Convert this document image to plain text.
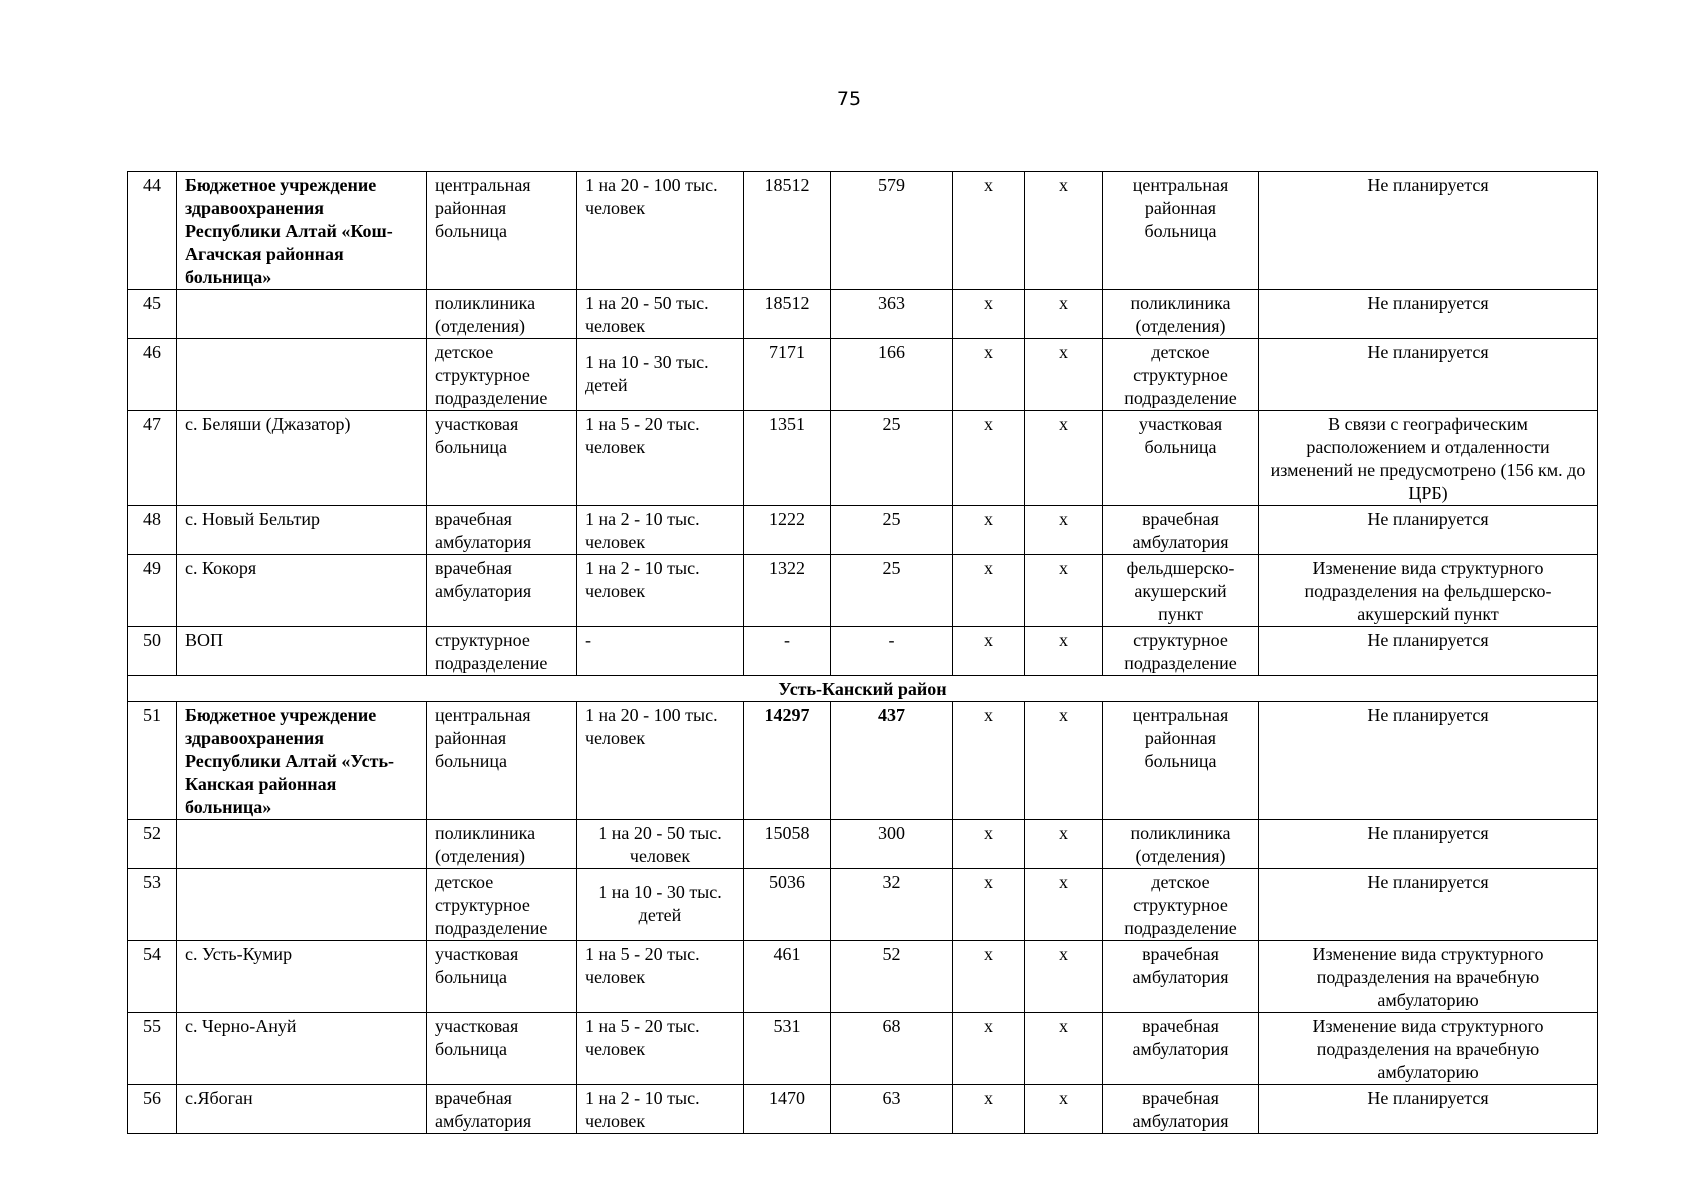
75
44	Бюджетное учреждение здравоохранения Республики Алтай «Кош-Агачская районная больница»	центральная районная больница	1 на 20 - 100 тыс. человек	18512	579	х	х	центральная районная больница	Не планируется
45		поликлиника (отделения)	1 на 20 - 50 тыс. человек	18512	363	х	х	поликлиника (отделения)	Не планируется
46		детское структурное подразделение	1 на 10 - 30 тыс. детей	7171	166	х	х	детское структурное подразделение	Не планируется
47	с. Беляши (Джазатор)	участковая больница	1 на 5 - 20 тыс. человек	1351	25	х	х	участковая больница	В связи с географическим расположением и отдаленности изменений не предусмотрено (156 км. до ЦРБ)
48	с. Новый Бельтир	врачебная амбулатория	1 на 2 - 10 тыс. человек	1222	25	х	х	врачебная амбулатория	Не планируется
49	с. Кокоря	врачебная амбулатория	1 на 2 - 10 тыс. человек	1322	25	х	х	фельдшерско-акушерский пункт	Изменение вида структурного подразделения на фельдшерско-акушерский пункт
50	ВОП	структурное подразделение	-	-	-	х	х	структурное подразделение	Не планируется
Усть-Канский район									
51	Бюджетное учреждение здравоохранения Республики Алтай «Усть-Канская районная больница»	центральная районная больница	1 на 20 - 100 тыс. человек	14297	437	х	х	центральная районная больница	Не планируется
52		поликлиника (отделения)	1 на 20 - 50 тыс. человек	15058	300	х	х	поликлиника (отделения)	Не планируется
53		детское структурное подразделение	1 на 10 - 30 тыс. детей	5036	32	х	х	детское структурное подразделение	Не планируется
54	с. Усть-Кумир	участковая больница	1 на 5 - 20 тыс. человек	461	52	х	х	врачебная амбулатория	Изменение вида структурного подразделения на врачебную амбулаторию
55	с. Черно-Ануй	участковая больница	1 на 5 - 20 тыс. человек	531	68	х	х	врачебная амбулатория	Изменение вида структурного подразделения на врачебную амбулаторию
56	с.Ябоган	врачебная амбулатория	1 на 2 - 10 тыс. человек	1470	63	х	х	врачебная амбулатория	Не планируется
